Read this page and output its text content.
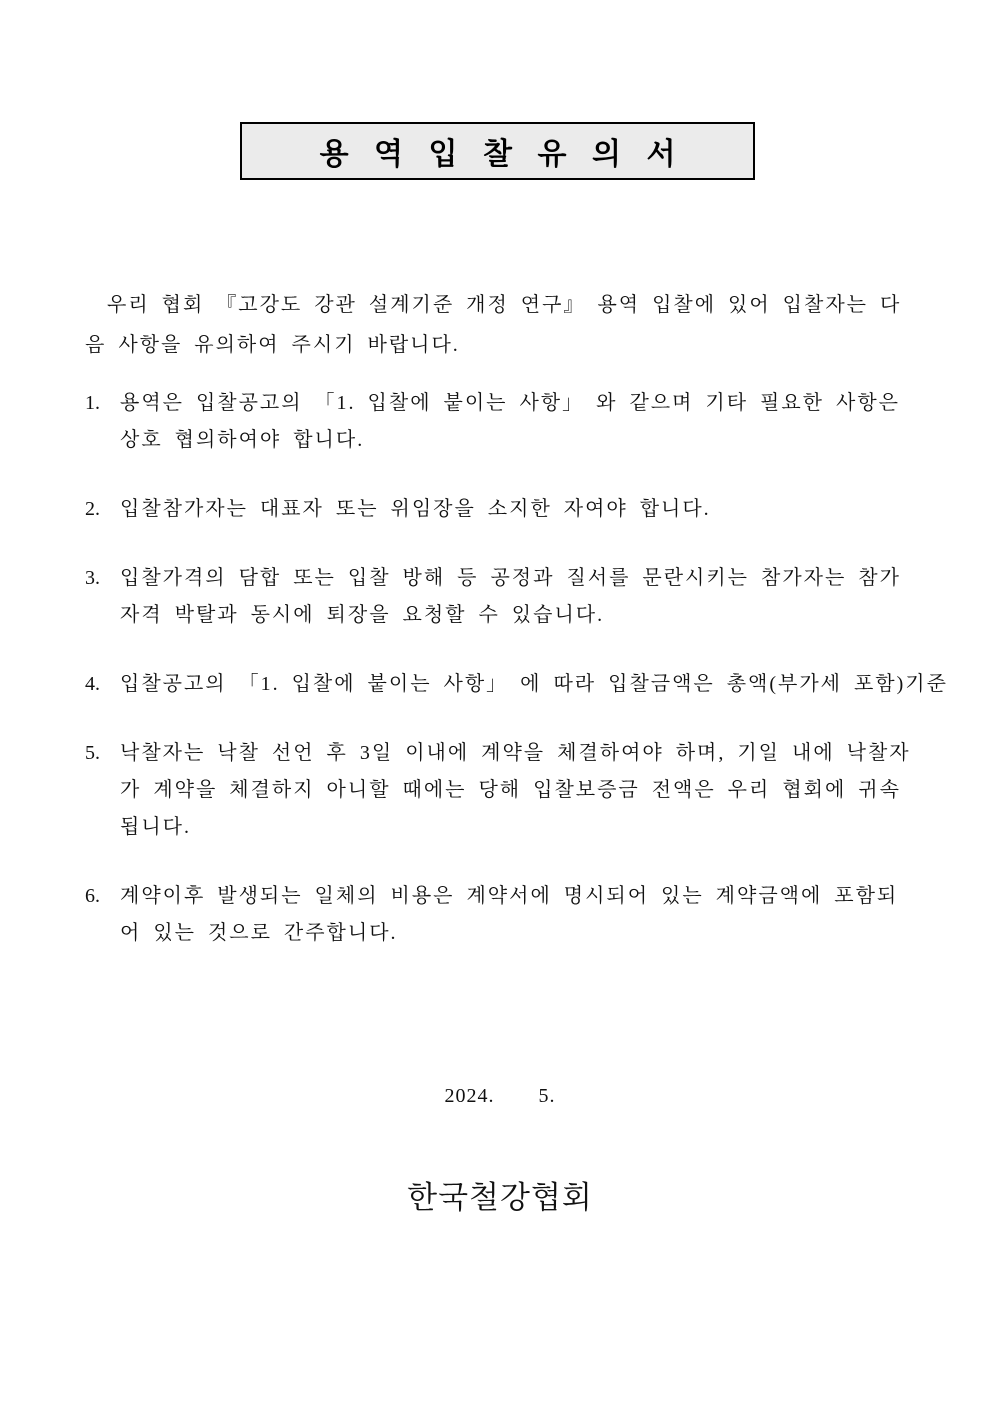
용 역 입 찰 유 의 서

우리 협회 『고강도 강관 설계기준 개정 연구』 용역 입찰에 있어 입찰자는 다음 사항을 유의하여 주시기 바랍니다.

1.	용역은 입찰공고의 「1. 입찰에 붙이는 사항」 와 같으며 기타 필요한 사항은 상호 협의하여야 합니다.
2.	입찰참가자는 대표자 또는 위임장을 소지한 자여야 합니다.
3.	입찰가격의 담합 또는 입찰 방해 등 공정과 질서를 문란시키는 참가자는 참가 자격 박탈과 동시에 퇴장을 요청할 수 있습니다.
4.	입찰공고의 「1. 입찰에 붙이는 사항」 에 따라 입찰금액은 총액(부가세 포함)기준
5.	낙찰자는 낙찰 선언 후 3일 이내에 계약을 체결하여야 하며, 기일 내에 낙찰자가 계약을 체결하지 아니할 때에는 당해 입찰보증금 전액은 우리 협회에 귀속됩니다.
6.	계약이후 발생되는 일체의 비용은 계약서에 명시되어 있는 계약금액에 포함되어 있는 것으로 간주합니다.
2024.    5.
한국철강협회
